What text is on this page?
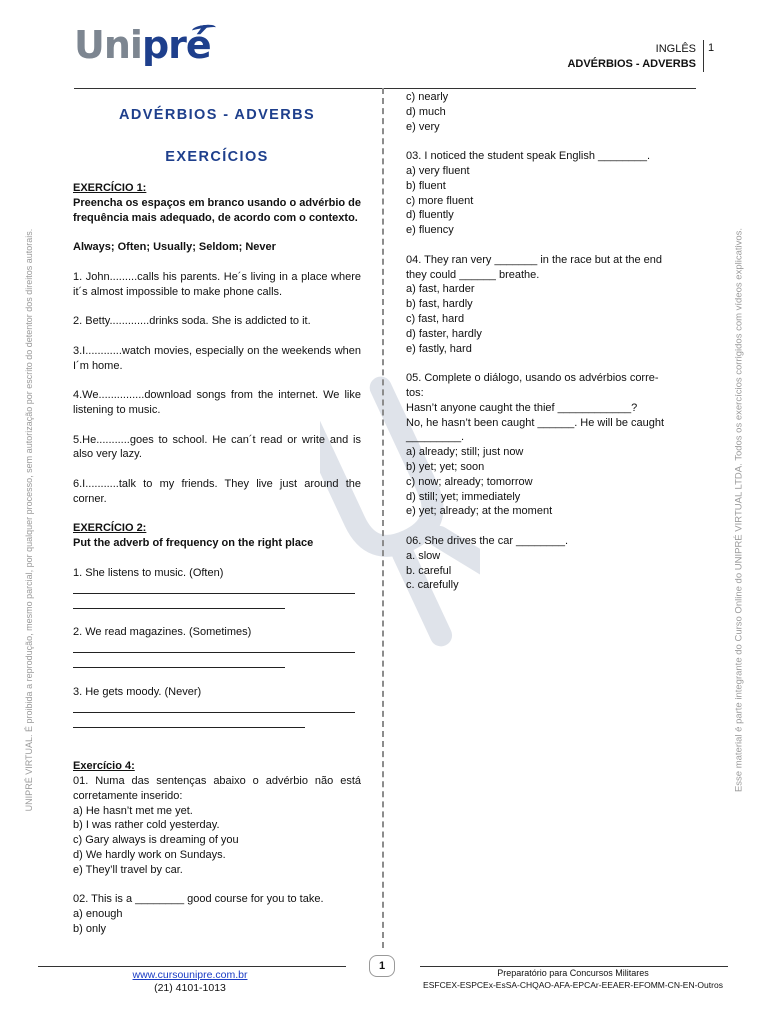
Unipré	INGLÊS
ADVÉRBIOS - ADVERBS
1
UNIPRÉ VIRTUAL. É proibida a reprodução, mesmo parcial, por qualquer processo, sem autorização por escrito do detentor dos direitos autorais.	Esse material é parte integrante do Curso Online do UNIPRÉ VIRTUAL LTDA. Todos os exercícios corrigidos com vídeos explicativos.
ADVÉRBIOS - ADVERBS
EXERCÍCIOS

EXERCÍCIO 1:

Preencha os espaços em branco usando o advérbio de frequência mais adequado, de acordo com o contexto.

Always; Often; Usually; Seldom; Never

1. John.........calls his parents. He´s living in a place where it´s almost impossible to make phone calls.

2. Betty.............drinks soda. She is addicted to it.

3.I............watch movies, especially on the weekends when I´m home.

4.We...............download songs from the internet. We like listening to music.

5.He...........goes to school. He can´t read or write and is also very lazy.

6.I...........talk to my friends. They live just around the corner.

EXERCÍCIO 2:

Put the adverb of frequency on the right place

1. She listens to music. (Often)

2. We read magazines. (Sometimes)

3. He gets moody. (Never)

Exercício 4:

01. Numa das sentenças abaixo o advérbio não está corretamente inserido:

a) He hasn’t met me yet.

b) I was rather cold yesterday.

c) Gary always is dreaming of you

d) We hardly work on Sundays.

e) They’ll travel by car.

02. This is a ________ good course for you to take.

a) enough

b) only

c) nearly

d) much

e) very

03. I noticed the student speak English ________.

a) very fluent

b) fluent

c) more fluent

d) fluently

e) fluency

04. They ran very _______ in the race but at the end

they could ______ breathe.

a) fast, harder

b) fast, hardly

c) fast, hard

d) faster, hardly

e) fastly, hard

05. Complete o diálogo, usando os advérbios corre-

tos:

Hasn’t anyone caught the thief ____________?

No, he hasn’t been caught ______. He will be caught

_________.

a) already; still; just now

b) yet; yet; soon

c) now; already; tomorrow

d) still; yet; immediately

e) yet; already; at the moment

06. She drives the car ________.

a. slow

b. careful

c. carefully

1
www.cursounipre.com.br
(21) 4101-1013
Preparatório para Concursos Militares
ESFCEX-ESPCEx-EsSA-CHQAO-AFA-EPCAr-EEAER-EFOMM-CN-EN-Outros
